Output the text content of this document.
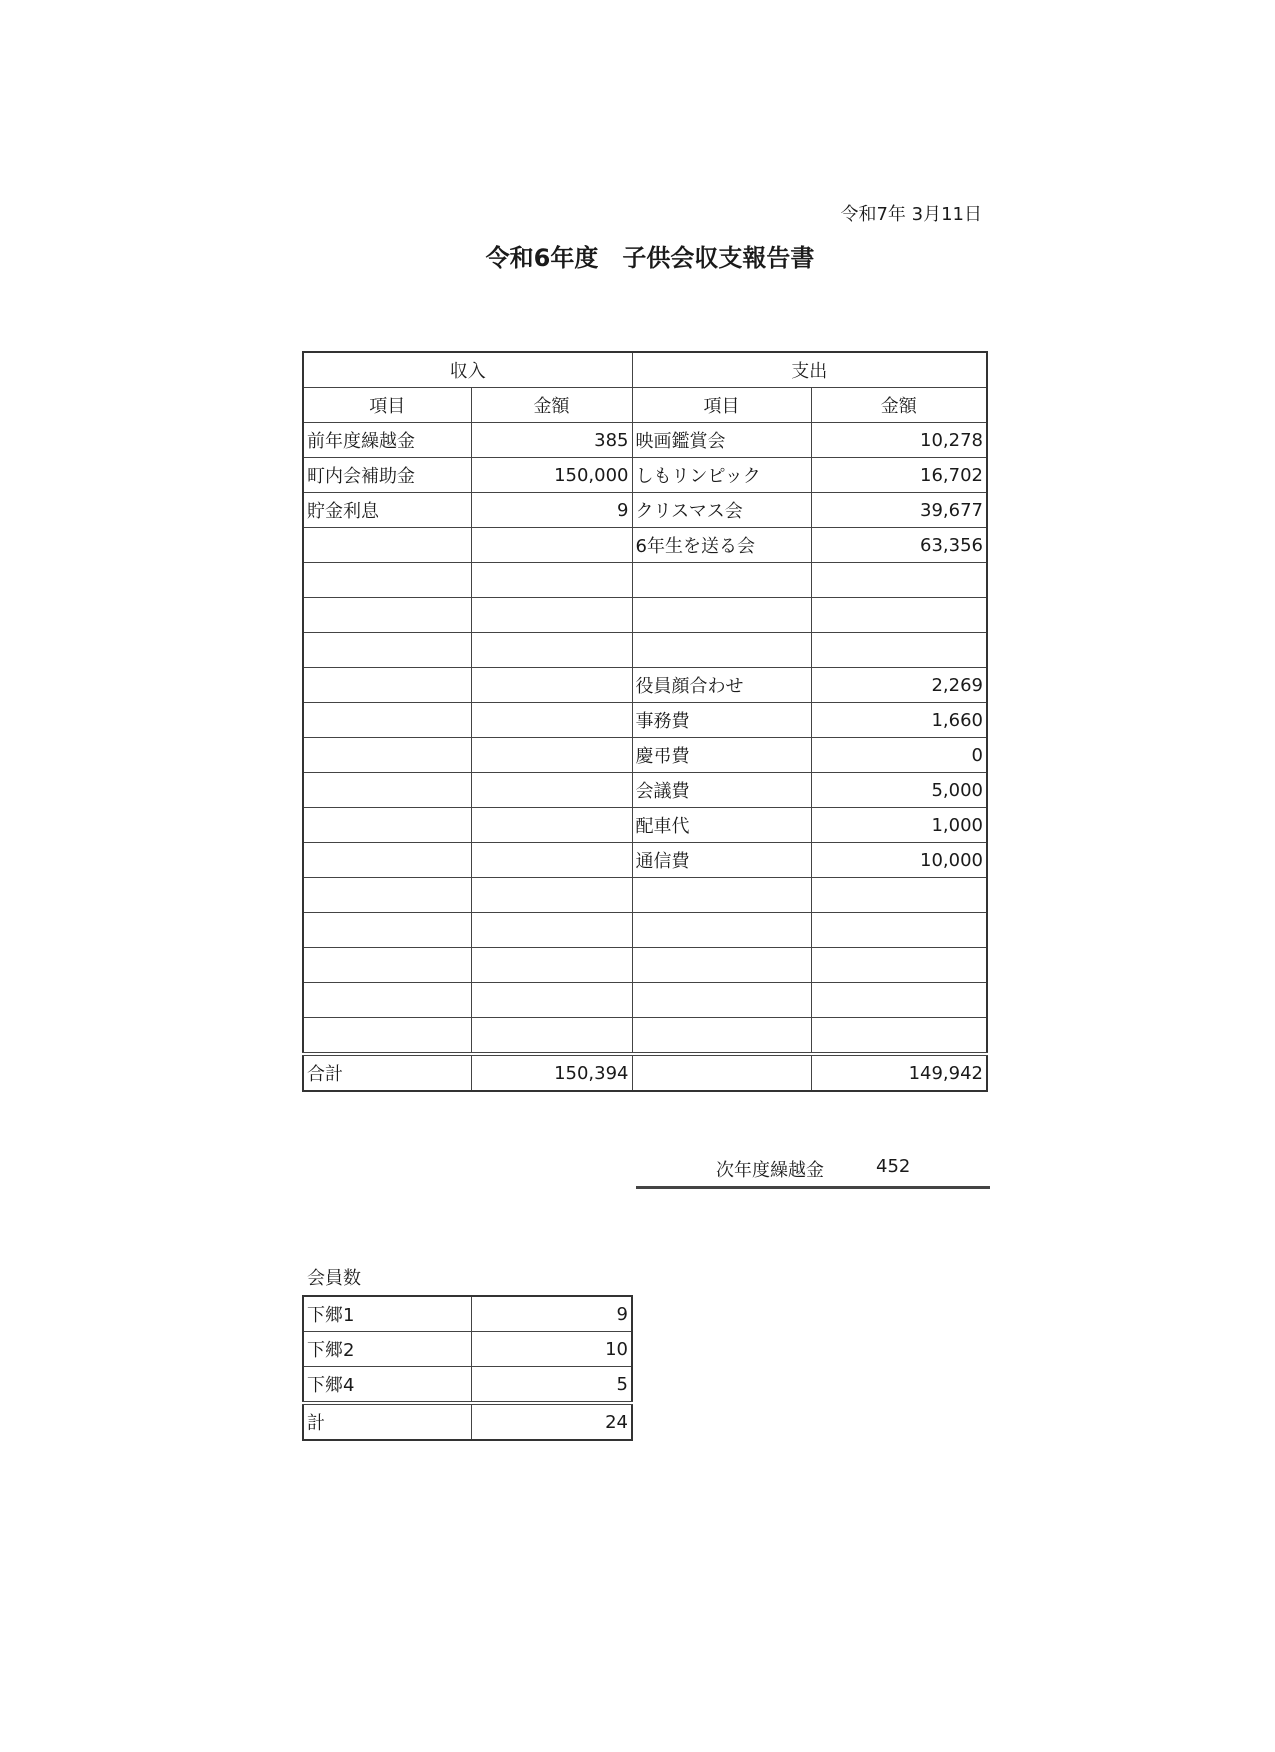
令和7年 3月11日
令和6年度　子供会収支報告書
収入		支出	
項目	金額	項目	金額
前年度繰越金	385	映画鑑賞会	10,278
町内会補助金	150,000	しもリンピック	16,702
貯金利息	9	クリスマス会	39,677
		6年生を送る会	63,356

		役員顔合わせ	2,269
		事務費	1,660
		慶弔費	0
		会議費	5,000
		配車代	1,000
		通信費	10,000

合計	150,394		149,942
次年度繰越金	452
会員数
下郷1	9
下郷2	10
下郷4	5
計	24
